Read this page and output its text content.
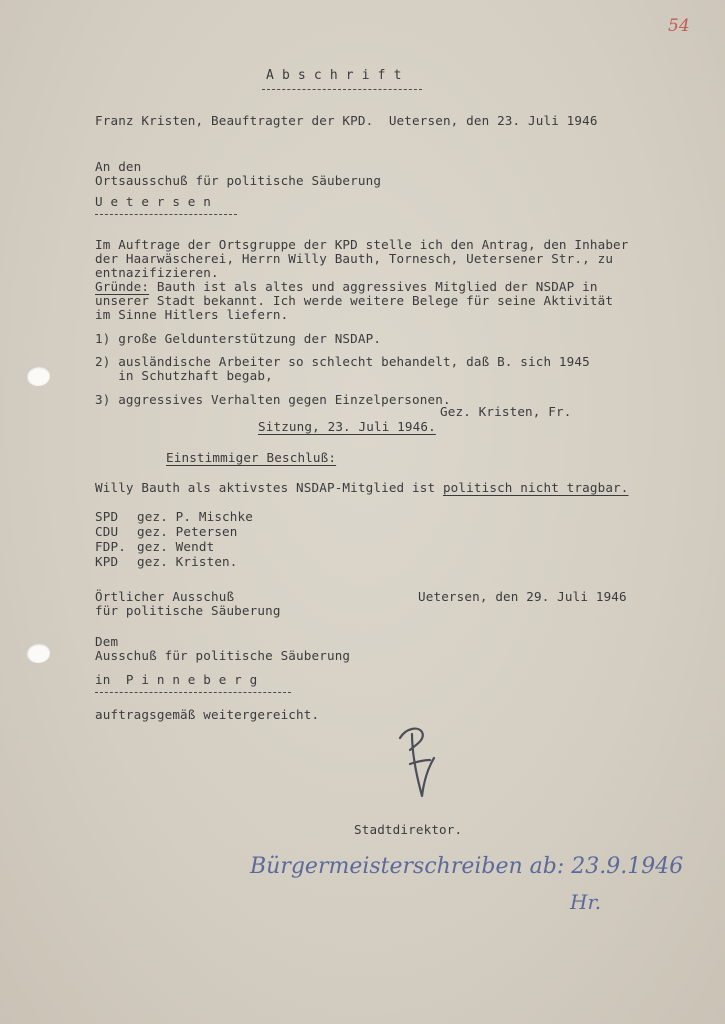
54
A b s c h r i f t
Franz Kristen, Beauftragter der KPD.  Uetersen, den 23. Juli 1946
An den
Ortsausschuß für politische Säuberung
U e t e r s e n
Im Auftrage der Ortsgruppe der KPD stelle ich den Antrag, den Inhaber
der Haarwäscherei, Herrn Willy Bauth, Tornesch, Uetersener Str., zu
entnazifizieren.
Gründe: Bauth ist als altes und aggressives Mitglied der NSDAP in
unserer Stadt bekannt. Ich werde weitere Belege für seine Aktivität
im Sinne Hitlers liefern.
1) große Geldunterstützung der NSDAP.
2) ausländische Arbeiter so schlecht behandelt, daß B. sich 1945
in Schutzhaft begab,
3) aggressives Verhalten gegen Einzelpersonen.
Gez. Kristen, Fr.
Sitzung, 23. Juli 1946.
Einstimmiger Beschluß:
Willy Bauth als aktivstes NSDAP-Mitglied ist politisch nicht tragbar.
SPD gez. P. Mischke
CDU gez. Petersen
FDP. gez. Wendt
KPD gez. Kristen.
Örtlicher Ausschuß
für politische Säuberung
Uetersen, den 29. Juli 1946
Dem
Ausschuß für politische Säuberung
in  P i n n e b e r g
auftragsgemäß weitergereicht.
Stadtdirektor.
Bürgermeisterschreiben ab: 23.9.1946
Hr.
